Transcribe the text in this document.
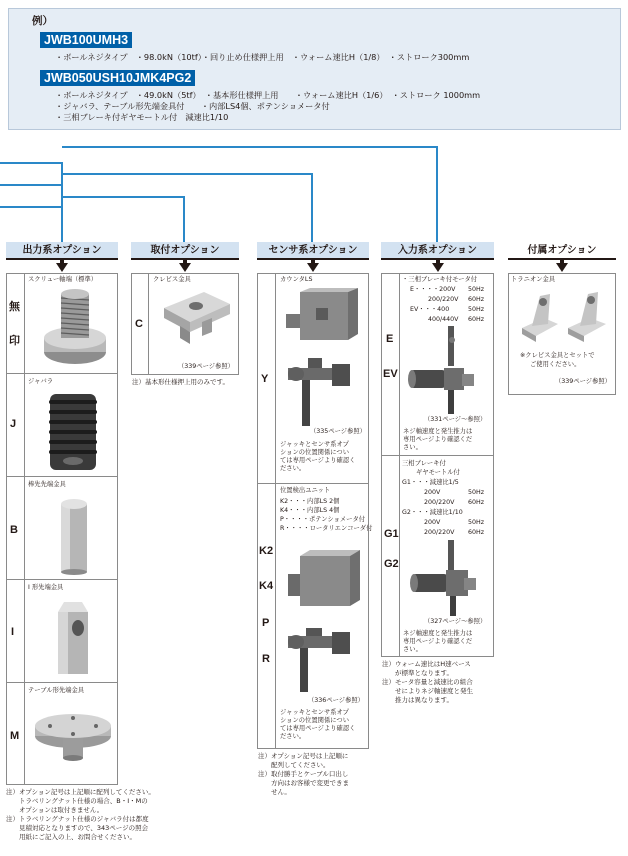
例）
JWB100UMH3
・ボールネジタイプ　・98.0kN（10tf）・回り止め仕様押上用　・ウォーム速比H（1/8）　・ストローク300mm
JWB050USH10JMK4PG2
・ボールネジタイプ　・49.0kN（5tf）　・基本形仕様押上用　　・ウォーム速比H（1/6）　・ストローク 1000mm
・ジャバラ、テーブル形先端金具付　　・内部LS4個、ポテンショメータ付
・三相ブレーキ付ギヤモートル付　減速比1/10
出力系オプション	取付オプション	センサ系オプション	入力系オプション	付属オプション
スクリュー軸端（標準）
無
印
ジャバラ
J
棒先先端金具
B
I 形先端金具
I
テーブル形先端金具
M
注）オプション記号は上記順に配列してください。
　　トラベリングナット仕様の場合、B・I・Mの
　　オプションは取付きません。
注）トラベリングナット仕様のジャバラ付は都度
　　見積対応となりますので、343ページの照会
　　用紙にご記入の上、お問合せください。
クレビス金具
C
（339ページ参照）
注）基本形仕様押上用のみです。
カウンタLS
Y
（335ページ参照）
ジャッキとセンサ系オプ
ションの位置関係につい
ては専用ページより確認く
ださい。
位置検出ユニット
K2・・・内部LS 2個
K4・・・内部LS 4個
P・・・・ポテンショメータ付
R・・・・ロータリエンコーダ付
K2
K4
P
R
（336ページ参照）
ジャッキとセンサ系オプ
ションの位置関係につい
ては専用ページより確認く
ださい。
注）オプション記号は上記順に
　　配列してください。
注）取付勝手とケーブル口出し
　　方向はお客様で変更できま
　　せん。
・三相ブレーキ付モータ付
E・・・・200V 50Hz
200/220V 60Hz
EV・・・400	50Hz
400/440V 60Hz
E
EV
（331ページ～参照）
ネジ軸速度と発生推力は
専用ページより確認くだ
さい。
三相ブレーキ付
ギヤモートル付
G1・・・減速比1/5
200V	50Hz
200/220V 60Hz
G2・・・減速比1/10
200V	50Hz
200/220V 60Hz
G1
G2
（327ページ～参照）
ネジ軸速度と発生推力は
専用ページより確認くだ
さい。
注）ウォーム速比はH速ベース
　　が標準となります。
注）モータ容量と減速比の組合
　　せによりネジ軸速度と発生
　　推力は異なります。
トラニオン金具
※クレビス金具とセットで
ご使用ください。
（339ページ参照）
